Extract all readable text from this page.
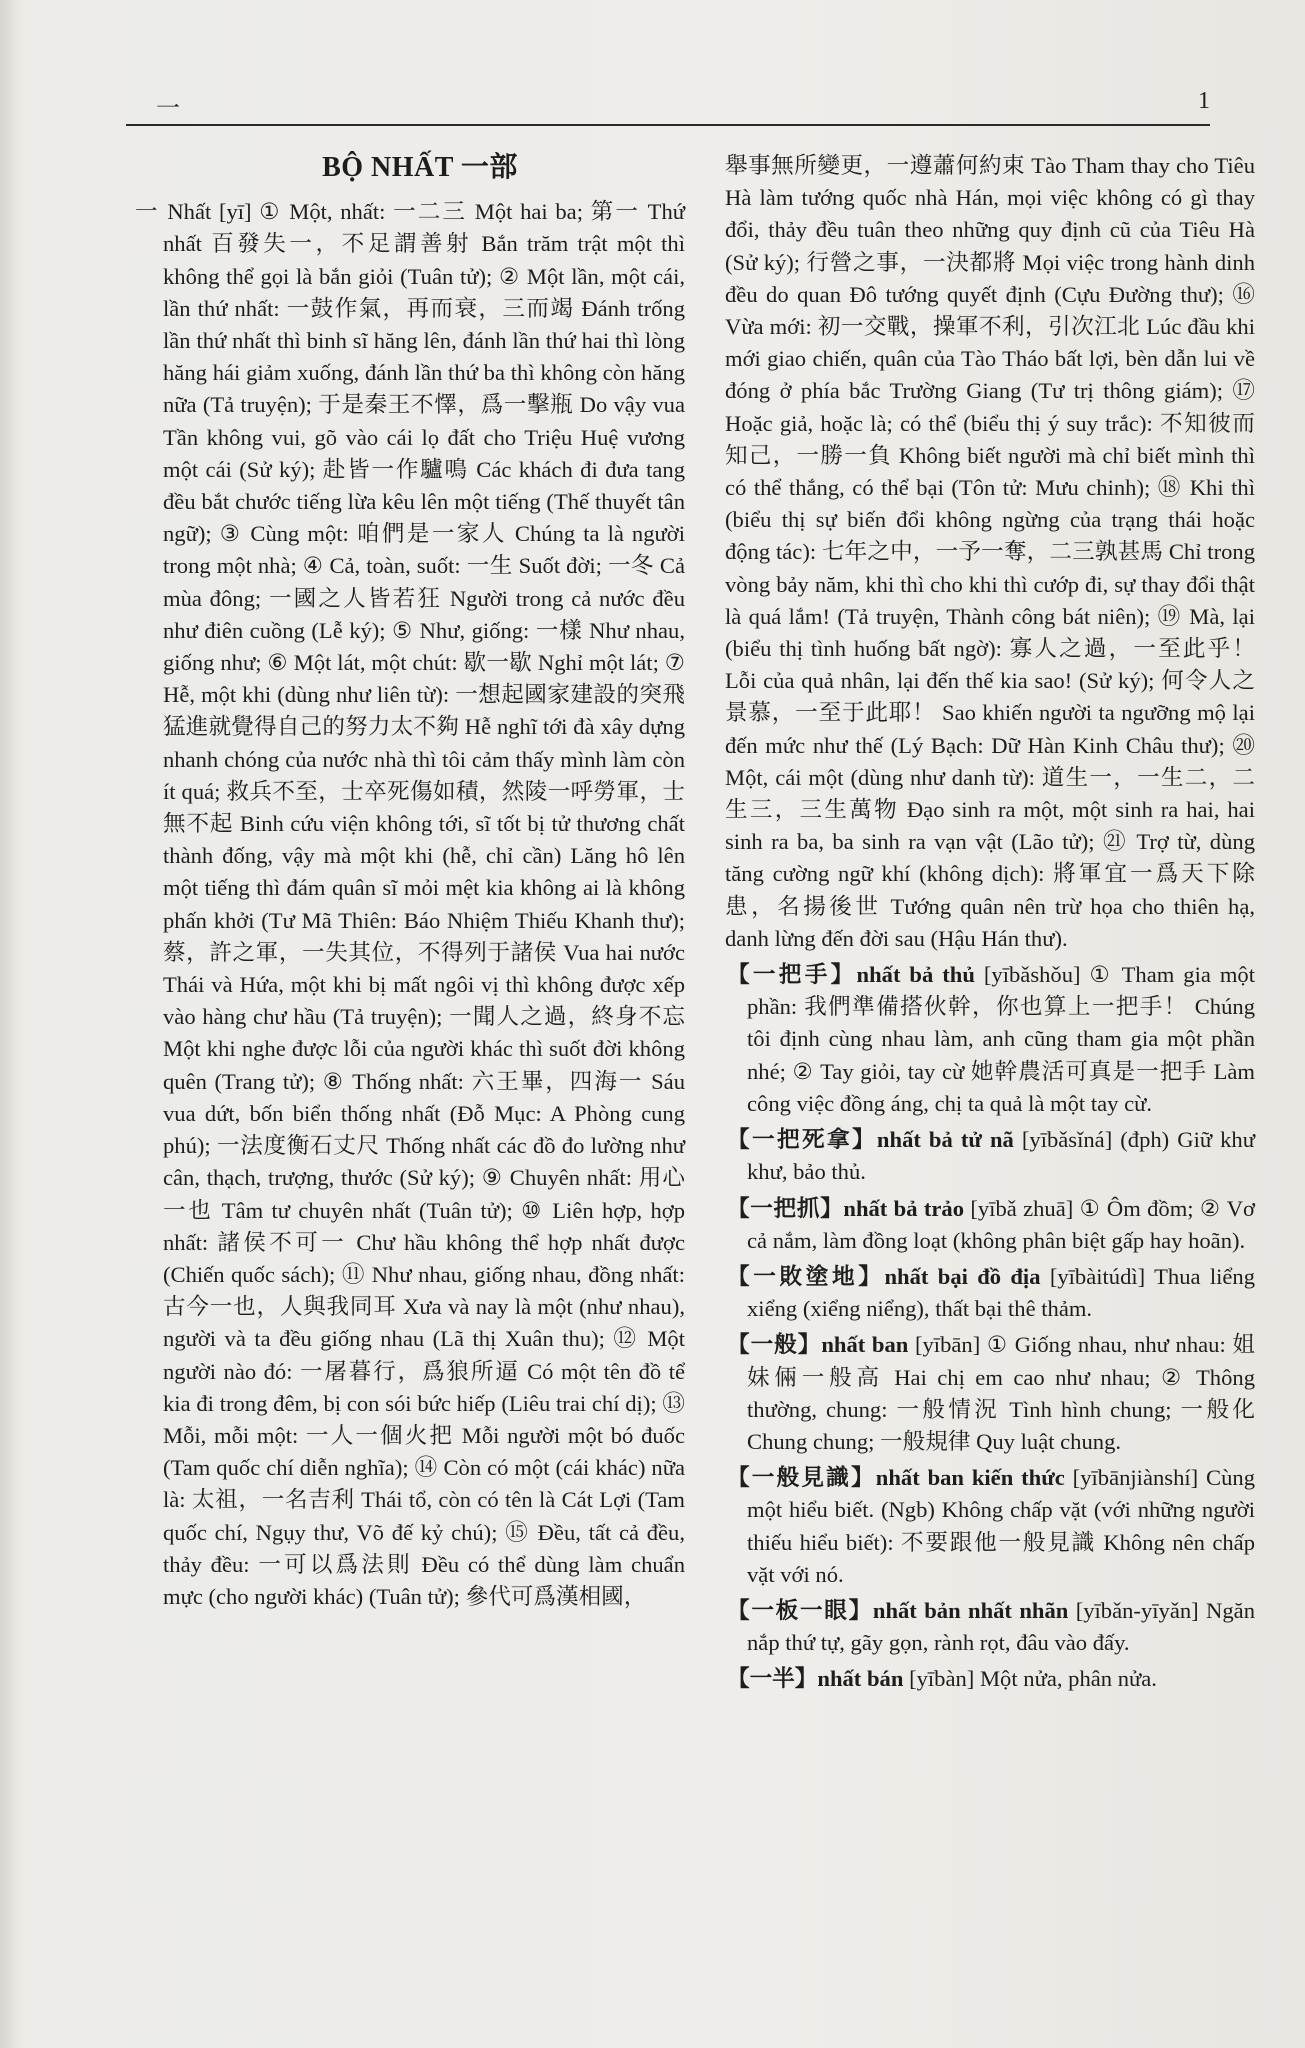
一	1
BỘ NHẤT 一部

一 Nhất [yī] ① Một, nhất: 一二三 Một hai ba; 第一 Thứ nhất 百發失一，不足謂善射 Bắn trăm trật một thì không thể gọi là bắn giỏi (Tuân tử); ② Một lần, một cái, lần thứ nhất: 一鼓作氣，再而衰，三而竭 Đánh trống lần thứ nhất thì binh sĩ hăng lên, đánh lần thứ hai thì lòng hăng hái giảm xuống, đánh lần thứ ba thì không còn hăng nữa (Tả truyện); 于是秦王不懌，爲一擊瓶 Do vậy vua Tần không vui, gõ vào cái lọ đất cho Triệu Huệ vương một cái (Sử ký); 赴皆一作驢鳴 Các khách đi đưa tang đều bắt chước tiếng lừa kêu lên một tiếng (Thế thuyết tân ngữ); ③ Cùng một: 咱們是一家人 Chúng ta là người trong một nhà; ④ Cả, toàn, suốt: 一生 Suốt đời; 一冬 Cả mùa đông; 一國之人皆若狂 Người trong cả nước đều như điên cuồng (Lễ ký); ⑤ Như, giống: 一樣 Như nhau, giống như; ⑥ Một lát, một chút: 歇一歇 Nghỉ một lát; ⑦ Hễ, một khi (dùng như liên từ): 一想起國家建設的突飛猛進就覺得自己的努力太不夠 Hễ nghĩ tới đà xây dựng nhanh chóng của nước nhà thì tôi cảm thấy mình làm còn ít quá; 救兵不至，士卒死傷如積，然陵一呼勞軍，士無不起 Binh cứu viện không tới, sĩ tốt bị tử thương chất thành đống, vậy mà một khi (hễ, chỉ cần) Lăng hô lên một tiếng thì đám quân sĩ mỏi mệt kia không ai là không phấn khởi (Tư Mã Thiên: Báo Nhiệm Thiếu Khanh thư); 蔡，許之軍，一失其位，不得列于諸侯 Vua hai nước Thái và Hứa, một khi bị mất ngôi vị thì không được xếp vào hàng chư hầu (Tả truyện); 一聞人之過，終身不忘 Một khi nghe được lỗi của người khác thì suốt đời không quên (Trang tử); ⑧ Thống nhất: 六王畢，四海一 Sáu vua dứt, bốn biển thống nhất (Đỗ Mục: A Phòng cung phú); 一法度衡石丈尺 Thống nhất các đồ đo lường như cân, thạch, trượng, thước (Sử ký); ⑨ Chuyên nhất: 用心一也 Tâm tư chuyên nhất (Tuân tử); ⑩ Liên hợp, hợp nhất: 諸侯不可一 Chư hầu không thể hợp nhất được (Chiến quốc sách); ⑪ Như nhau, giống nhau, đồng nhất: 古今一也，人與我同耳 Xưa và nay là một (như nhau), người và ta đều giống nhau (Lã thị Xuân thu); ⑫ Một người nào đó: 一屠暮行，爲狼所逼 Có một tên đồ tể kia đi trong đêm, bị con sói bức hiếp (Liêu trai chí dị); ⑬ Mỗi, mỗi một: 一人一個火把 Mỗi người một bó đuốc (Tam quốc chí diễn nghĩa); ⑭ Còn có một (cái khác) nữa là: 太祖，一名吉利 Thái tổ, còn có tên là Cát Lợi (Tam quốc chí, Ngụy thư, Võ đế kỷ chú); ⑮ Đều, tất cả đều, thảy đều: 一可以爲法則 Đều có thể dùng làm chuẩn mực (cho người khác) (Tuân tử); 參代可爲漢相國，

舉事無所變更，一遵蕭何約束 Tào Tham thay cho Tiêu Hà làm tướng quốc nhà Hán, mọi việc không có gì thay đổi, thảy đều tuân theo những quy định cũ của Tiêu Hà (Sử ký); 行營之事，一決都將 Mọi việc trong hành dinh đều do quan Đô tướng quyết định (Cựu Đường thư); ⑯ Vừa mới: 初一交戰，操軍不利，引次江北 Lúc đầu khi mới giao chiến, quân của Tào Tháo bất lợi, bèn dẫn lui về đóng ở phía bắc Trường Giang (Tư trị thông giám); ⑰ Hoặc giả, hoặc là; có thể (biểu thị ý suy trắc): 不知彼而知己，一勝一負 Không biết người mà chỉ biết mình thì có thể thắng, có thể bại (Tôn tử: Mưu chinh); ⑱ Khi thì (biểu thị sự biến đổi không ngừng của trạng thái hoặc động tác): 七年之中，一予一奪，二三孰甚馬 Chỉ trong vòng bảy năm, khi thì cho khi thì cướp đi, sự thay đổi thật là quá lắm! (Tả truyện, Thành công bát niên); ⑲ Mà, lại (biểu thị tình huống bất ngờ): 寡人之過，一至此乎！ Lỗi của quả nhân, lại đến thế kia sao! (Sử ký); 何令人之景慕，一至于此耶！ Sao khiến người ta ngưỡng mộ lại đến mức như thế (Lý Bạch: Dữ Hàn Kinh Châu thư); ⑳ Một, cái một (dùng như danh từ): 道生一，一生二，二生三，三生萬物 Đạo sinh ra một, một sinh ra hai, hai sinh ra ba, ba sinh ra vạn vật (Lão tử); ㉑ Trợ từ, dùng tăng cường ngữ khí (không dịch): 將軍宜一爲天下除患，名揚後世 Tướng quân nên trừ họa cho thiên hạ, danh lừng đến đời sau (Hậu Hán thư).

【一把手】nhất bả thủ [yībǎshǒu] ① Tham gia một phần: 我們準備搭伙幹，你也算上一把手！ Chúng tôi định cùng nhau làm, anh cũng tham gia một phần nhé; ② Tay giỏi, tay cừ 她幹農活可真是一把手 Làm công việc đồng áng, chị ta quả là một tay cừ.

【一把死拿】nhất bả tử nã [yībǎsǐná] (đph) Giữ khư khư, bảo thủ.

【一把抓】nhất bả trảo [yībǎ zhuā] ① Ôm đồm; ② Vơ cả nắm, làm đồng loạt (không phân biệt gấp hay hoãn).

【一敗塗地】nhất bại đồ địa [yībàitúdì] Thua liểng xiểng (xiểng niểng), thất bại thê thảm.

【一般】nhất ban [yībān] ① Giống nhau, như nhau: 姐妹倆一般高 Hai chị em cao như nhau; ② Thông thường, chung: 一般情況 Tình hình chung; 一般化 Chung chung; 一般規律 Quy luật chung.

【一般見識】nhất ban kiến thức [yībānjiànshí] Cùng một hiểu biết. (Ngb) Không chấp vặt (với những người thiếu hiểu biết): 不要跟他一般見識 Không nên chấp vặt với nó.

【一板一眼】nhất bản nhất nhãn [yībǎn-yīyǎn] Ngăn nắp thứ tự, gãy gọn, rành rọt, đâu vào đấy.

【一半】nhất bán [yībàn] Một nửa, phân nửa.
